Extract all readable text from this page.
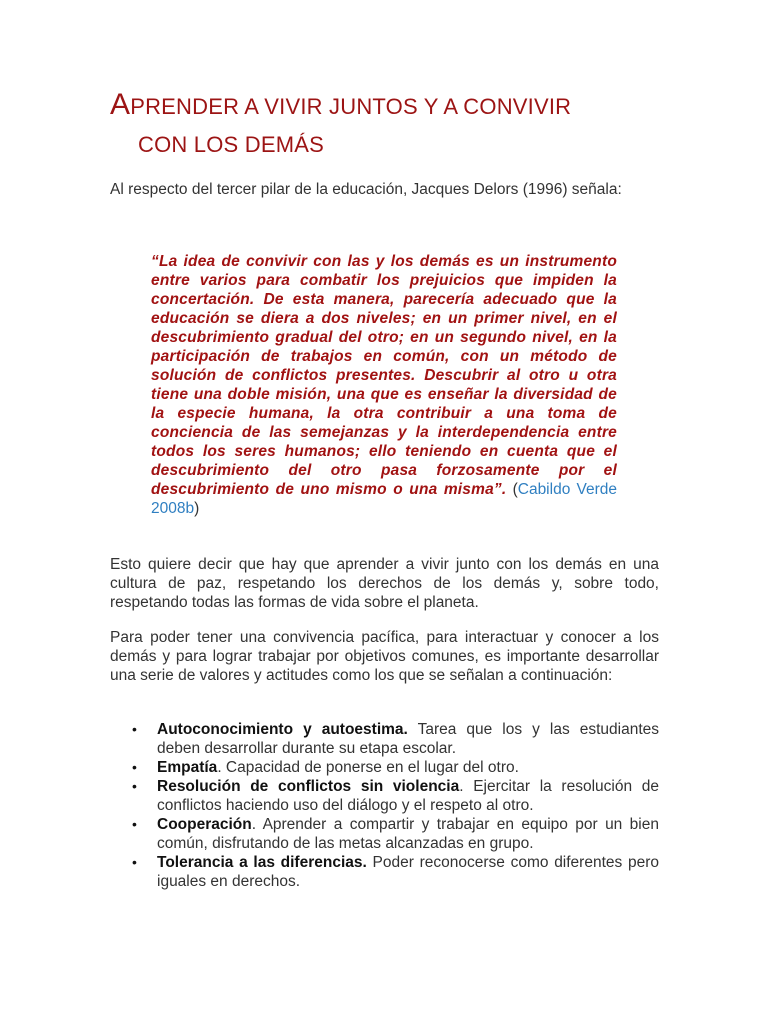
APRENDER A VIVIR JUNTOS Y A CONVIVIR
CON LOS DEMÁS

Al respecto del tercer pilar de la educación, Jacques Delors (1996) señala:

“La idea de convivir con las y los demás es un instrumento entre varios para combatir los prejuicios que impiden la concertación. De esta manera, parecería adecuado que la educación se diera a dos niveles; en un primer nivel, en el descubrimiento gradual del otro; en un segundo nivel, en la participación de trabajos en común, con un método de solución de conflictos presentes. Descubrir al otro u otra tiene una doble misión, una que es enseñar la diversidad de la especie humana, la otra contribuir a una toma de conciencia de las semejanzas y la interdependencia entre todos los seres humanos; ello teniendo en cuenta que el descubrimiento del otro pasa forzosamente por el descubrimiento de uno mismo o una misma”. (Cabildo Verde 2008b)

Esto quiere decir que hay que aprender a vivir junto con los demás en una cultura de paz, respetando los derechos de los demás y, sobre todo, respetando todas las formas de vida sobre el planeta.

Para poder tener una convivencia pacífica, para interactuar y conocer a los demás y para lograr trabajar por objetivos comunes, es importante desarrollar una serie de valores y actitudes como los que se señalan a continuación:

• Autoconocimiento y autoestima. Tarea que los y las estudiantes deben desarrollar durante su etapa escolar.
• Empatía. Capacidad de ponerse en el lugar del otro.
• Resolución de conflictos sin violencia. Ejercitar la resolución de conflictos haciendo uso del diálogo y el respeto al otro.
• Cooperación. Aprender a compartir y trabajar en equipo por un bien común, disfrutando de las metas alcanzadas en grupo.
• Tolerancia a las diferencias. Poder reconocerse como diferentes pero iguales en derechos.
